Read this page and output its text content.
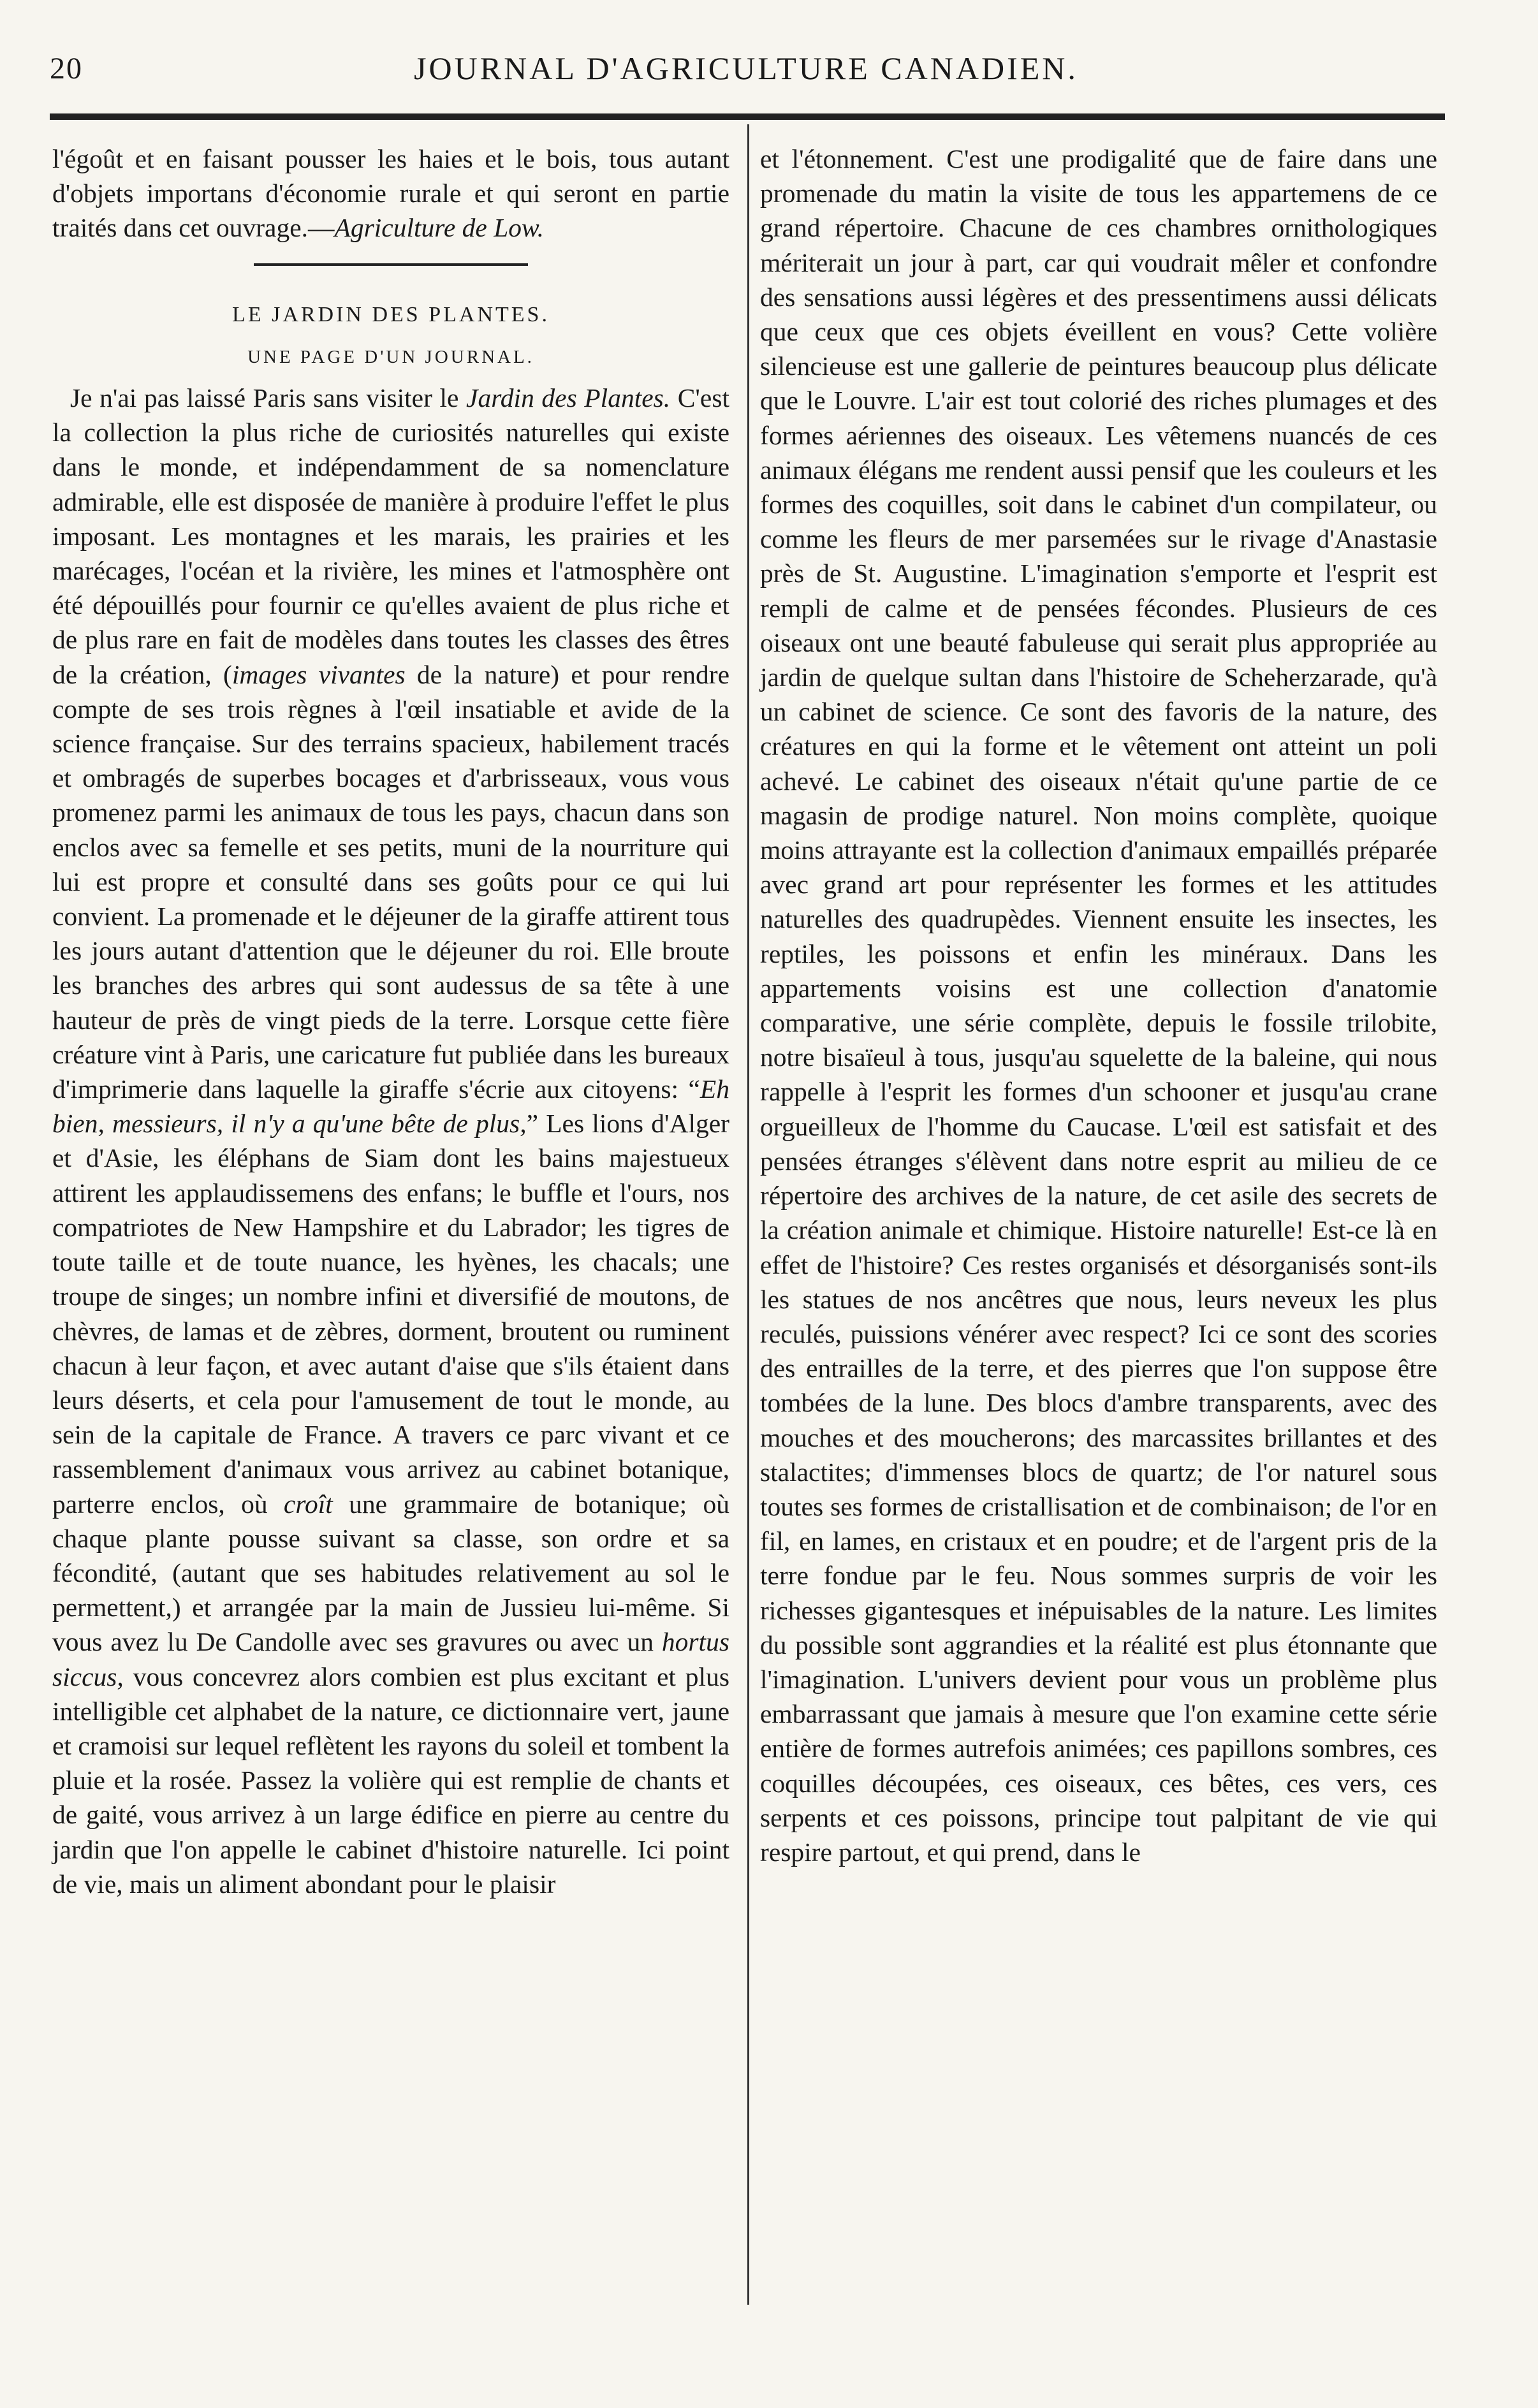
20	JOURNAL D'AGRICULTURE CANADIEN.

l'égoût et en faisant pousser les haies et le bois, tous autant d'objets importans d'économie rurale et qui seront en partie traités dans cet ouvrage.—Agriculture de Low.

LE JARDIN DES PLANTES.
UNE PAGE D'UN JOURNAL.

Je n'ai pas laissé Paris sans visiter le Jardin des Plantes. C'est la collection la plus riche de curiosités naturelles qui existe dans le monde, et indépendamment de sa nomenclature admirable, elle est disposée de manière à produire l'effet le plus imposant. Les montagnes et les marais, les prairies et les marécages, l'océan et la rivière, les mines et l'atmosphère ont été dépouillés pour fournir ce qu'elles avaient de plus riche et de plus rare en fait de modèles dans toutes les classes des êtres de la création, (images vivantes de la nature) et pour rendre compte de ses trois règnes à l'œil insatiable et avide de la science française. Sur des terrains spacieux, habilement tracés et ombragés de superbes bocages et d'arbrisseaux, vous vous promenez parmi les animaux de tous les pays, chacun dans son enclos avec sa femelle et ses petits, muni de la nourriture qui lui est propre et consulté dans ses goûts pour ce qui lui convient. La promenade et le déjeuner de la giraffe attirent tous les jours autant d'attention que le déjeuner du roi. Elle broute les branches des arbres qui sont audessus de sa tête à une hauteur de près de vingt pieds de la terre. Lorsque cette fière créature vint à Paris, une caricature fut publiée dans les bureaux d'imprimerie dans laquelle la giraffe s'écrie aux citoyens: “Eh bien, messieurs, il n'y a qu'une bête de plus,” Les lions d'Alger et d'Asie, les éléphans de Siam dont les bains majestueux attirent les applaudissemens des enfans; le buffle et l'ours, nos compatriotes de New Hampshire et du Labrador; les tigres de toute taille et de toute nuance, les hyènes, les chacals; une troupe de singes; un nombre infini et diversifié de moutons, de chèvres, de lamas et de zèbres, dorment, broutent ou ruminent chacun à leur façon, et avec autant d'aise que s'ils étaient dans leurs déserts, et cela pour l'amusement de tout le monde, au sein de la capitale de France. A travers ce parc vivant et ce rassemblement d'animaux vous arrivez au cabinet botanique, parterre enclos, où croît une grammaire de botanique; où chaque plante pousse suivant sa classe, son ordre et sa fécondité, (autant que ses habitudes relativement au sol le permettent,) et arrangée par la main de Jussieu lui-même. Si vous avez lu De Candolle avec ses gravures ou avec un hortus siccus, vous concevrez alors combien est plus excitant et plus intelligible cet alphabet de la nature, ce dictionnaire vert, jaune et cramoisi sur lequel reflètent les rayons du soleil et tombent la pluie et la rosée. Passez la volière qui est remplie de chants et de gaité, vous arrivez à un large édifice en pierre au centre du jardin que l'on appelle le cabinet d'histoire naturelle. Ici point de vie, mais un aliment abondant pour le plaisir

et l'étonnement. C'est une prodigalité que de faire dans une promenade du matin la visite de tous les appartemens de ce grand répertoire. Chacune de ces chambres ornithologiques mériterait un jour à part, car qui voudrait mêler et confondre des sensations aussi légères et des pressentimens aussi délicats que ceux que ces objets éveillent en vous? Cette volière silencieuse est une gallerie de peintures beaucoup plus délicate que le Louvre. L'air est tout colorié des riches plumages et des formes aériennes des oiseaux. Les vêtemens nuancés de ces animaux élégans me rendent aussi pensif que les couleurs et les formes des coquilles, soit dans le cabinet d'un compilateur, ou comme les fleurs de mer parsemées sur le rivage d'Anastasie près de St. Augustine. L'imagination s'emporte et l'esprit est rempli de calme et de pensées fécondes. Plusieurs de ces oiseaux ont une beauté fabuleuse qui serait plus appropriée au jardin de quelque sultan dans l'histoire de Scheherzarade, qu'à un cabinet de science. Ce sont des favoris de la nature, des créatures en qui la forme et le vêtement ont atteint un poli achevé. Le cabinet des oiseaux n'était qu'une partie de ce magasin de prodige naturel. Non moins complète, quoique moins attrayante est la collection d'animaux empaillés préparée avec grand art pour représenter les formes et les attitudes naturelles des quadrupèdes. Viennent ensuite les insectes, les reptiles, les poissons et enfin les minéraux. Dans les appartements voisins est une collection d'anatomie comparative, une série complète, depuis le fossile trilobite, notre bisaïeul à tous, jusqu'au squelette de la baleine, qui nous rappelle à l'esprit les formes d'un schooner et jusqu'au crane orgueilleux de l'homme du Caucase. L'œil est satisfait et des pensées étranges s'élèvent dans notre esprit au milieu de ce répertoire des archives de la nature, de cet asile des secrets de la création animale et chimique. Histoire naturelle! Est-ce là en effet de l'histoire? Ces restes organisés et désorganisés sont-ils les statues de nos ancêtres que nous, leurs neveux les plus reculés, puissions vénérer avec respect? Ici ce sont des scories des entrailles de la terre, et des pierres que l'on suppose être tombées de la lune. Des blocs d'ambre transparents, avec des mouches et des moucherons; des marcassites brillantes et des stalactites; d'immenses blocs de quartz; de l'or naturel sous toutes ses formes de cristallisation et de combinaison; de l'or en fil, en lames, en cristaux et en poudre; et de l'argent pris de la terre fondue par le feu. Nous sommes surpris de voir les richesses gigantesques et inépuisables de la nature. Les limites du possible sont aggrandies et la réalité est plus étonnante que l'imagination. L'univers devient pour vous un problème plus embarrassant que jamais à mesure que l'on examine cette série entière de formes autrefois animées; ces papillons sombres, ces coquilles découpées, ces oiseaux, ces bêtes, ces vers, ces serpents et ces poissons, principe tout palpitant de vie qui respire partout, et qui prend, dans le
